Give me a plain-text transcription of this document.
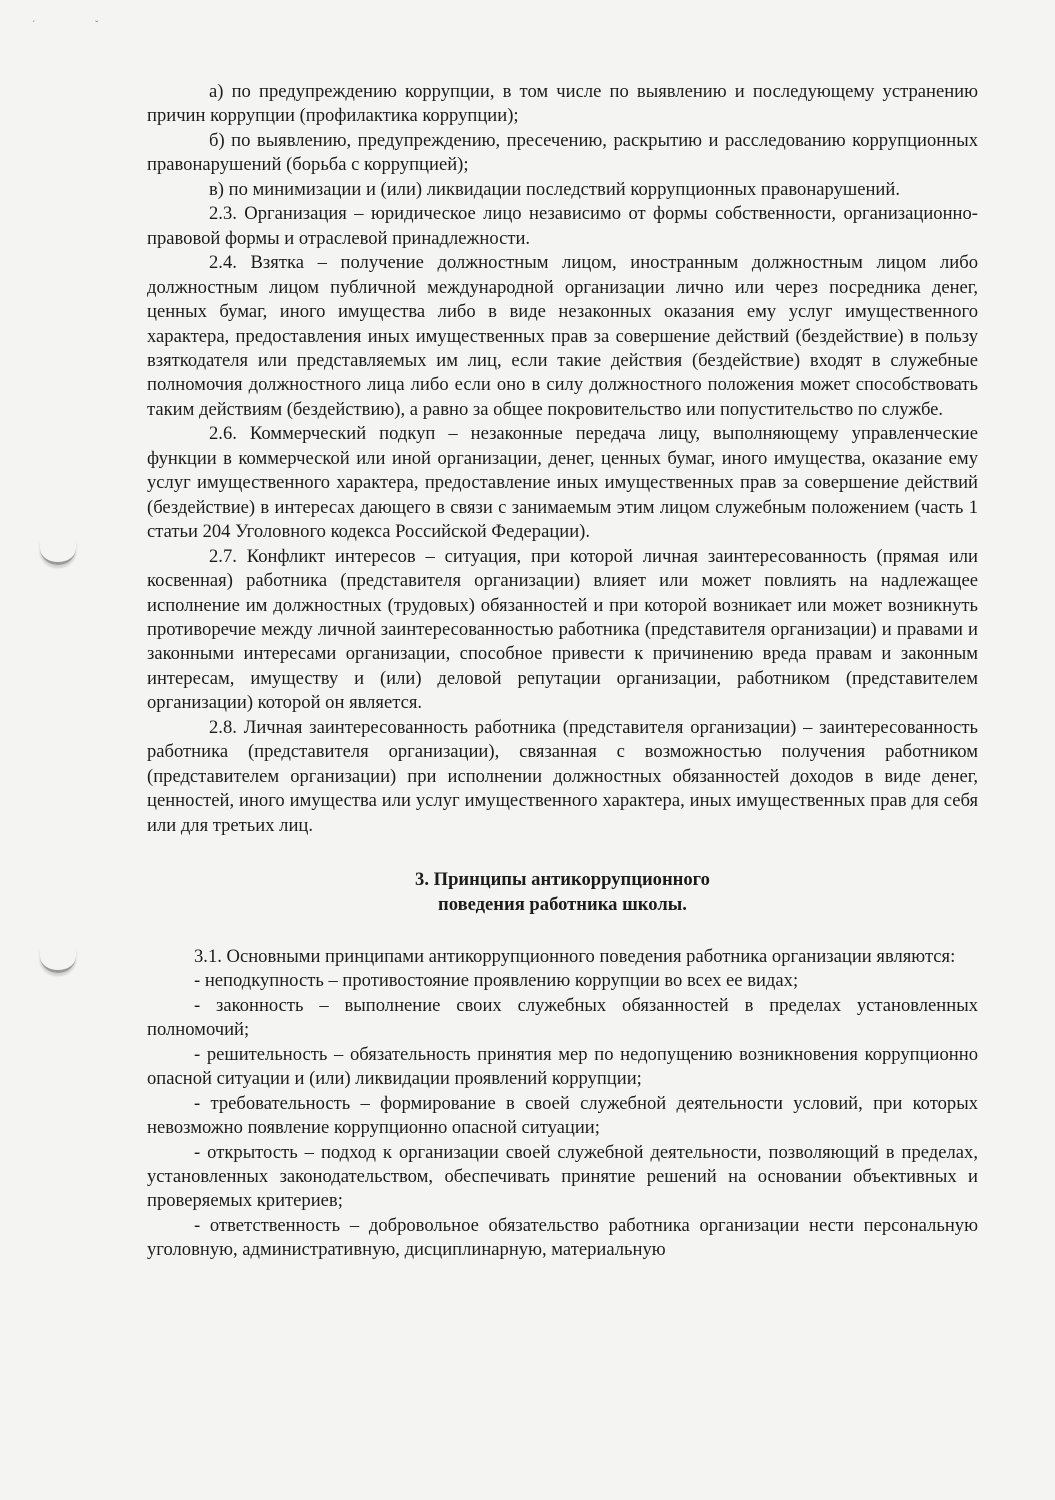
ˊ	ˇ

а) по предупреждению коррупции, в том числе по выявлению и последующему устранению причин коррупции (профилактика коррупции);

б) по выявлению, предупреждению, пресечению, раскрытию и расследованию коррупционных правонарушений (борьба с коррупцией);

в) по минимизации и (или) ликвидации последствий коррупционных правонарушений.

2.3. Организация – юридическое лицо независимо от формы собственности, организационно-правовой формы и отраслевой принадлежности.

2.4. Взятка – получение должностным лицом, иностранным должностным лицом либо должностным лицом публичной международной организации лично или через посредника денег, ценных бумаг, иного имущества либо в виде незаконных оказания ему услуг имущественного характера, предоставления иных имущественных прав за совершение действий (бездействие) в пользу взяткодателя или представляемых им лиц, если такие действия (бездействие) входят в служебные полномочия должностного лица либо если оно в силу должностного положения может способствовать таким действиям (бездействию), а равно за общее покровительство или попустительство по службе.

2.6. Коммерческий подкуп – незаконные передача лицу, выполняющему управленческие функции в коммерческой или иной организации, денег, ценных бумаг, иного имущества, оказание ему услуг имущественного характера, предоставление иных имущественных прав за совершение действий (бездействие) в интересах дающего в связи с занимаемым этим лицом служебным положением (часть 1 статьи 204 Уголовного кодекса Российской Федерации).

2.7. Конфликт интересов – ситуация, при которой личная заинтересованность (прямая или косвенная) работника (представителя организации) влияет или может повлиять на надлежащее исполнение им должностных (трудовых) обязанностей и при которой возникает или может возникнуть противоречие между личной заинтересованностью работника (представителя организации) и правами и законными интересами организации, способное привести к причинению вреда правам и законным интересам, имуществу и (или) деловой репутации организации, работником (представителем организации) которой он является.

2.8. Личная заинтересованность работника (представителя организации) – заинтересованность работника (представителя организации), связанная с возможностью получения работником (представителем организации) при исполнении должностных обязанностей доходов в виде денег, ценностей, иного имущества или услуг имущественного характера, иных имущественных прав для себя или для третьих лиц.

3. Принципы антикоррупционного
поведения работника школы.

3.1. Основными принципами антикоррупционного поведения работника организации являются:

- неподкупность – противостояние проявлению коррупции во всех ее видах;

- законность – выполнение своих служебных обязанностей в пределах установленных полномочий;

- решительность – обязательность принятия мер по недопущению возникновения коррупционно опасной ситуации и (или) ликвидации проявлений коррупции;

- требовательность – формирование в своей служебной деятельности условий, при которых невозможно появление коррупционно опасной ситуации;

- открытость – подход к организации своей служебной деятельности, позволяющий в пределах, установленных законодательством, обеспечивать принятие решений на основании объективных и проверяемых критериев;

- ответственность – добровольное обязательство работника организации нести персональную уголовную, административную, дисциплинарную, материальную
